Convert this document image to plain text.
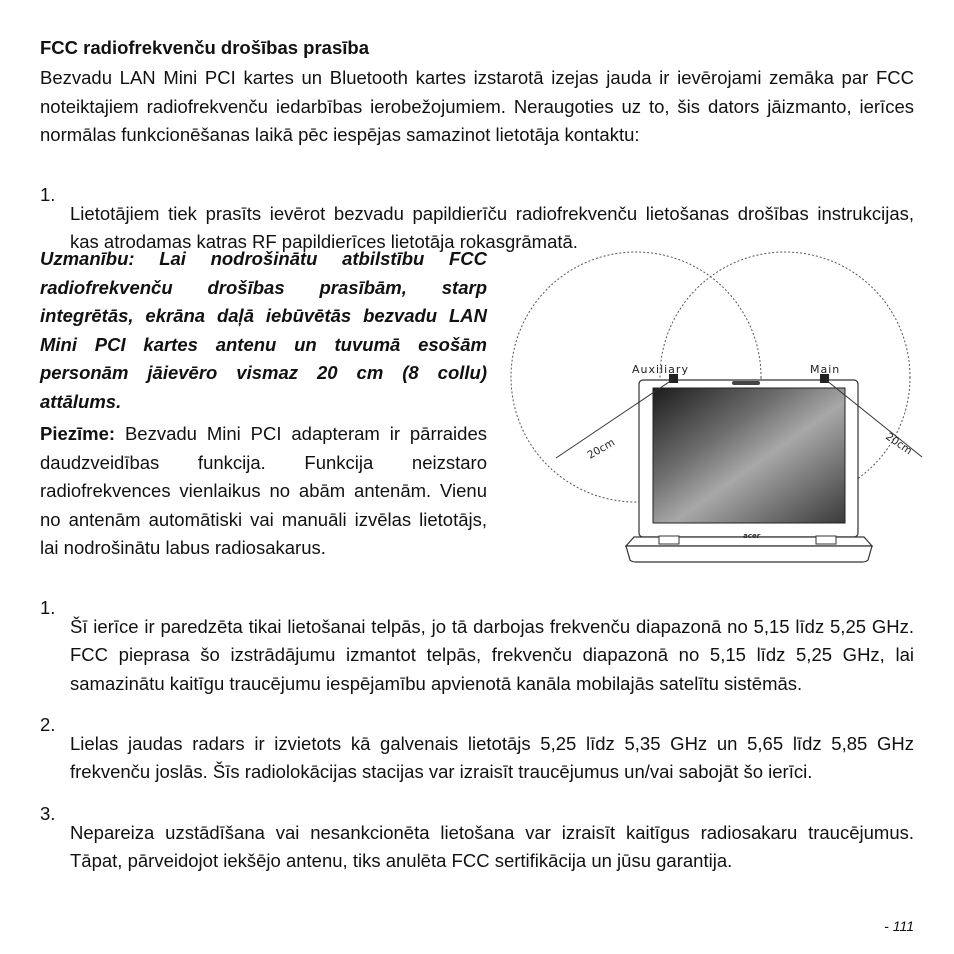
FCC radiofrekvenču drošības prasība

Bezvadu LAN Mini PCI kartes un Bluetooth kartes izstarotā izejas jauda ir ievērojami zemāka par FCC noteiktajiem radiofrekvenču iedarbības ierobežojumiem. Neraugoties uz to, šis dators jāizmanto, ierīces normālas funkcionēšanas laikā pēc iespējas samazinot lietotāja kontaktu:

1.

Lietotājiem tiek prasīts ievērot bezvadu papildierīču radiofrekvenču lietošanas drošības instrukcijas, kas atrodamas katras RF papildierīces lietotāja rokasgrāmatā.

Uzmanību: Lai nodrošinātu atbilstību FCC radiofrekvenču drošības prasībām, starp integrētās, ekrāna daļā iebūvētās bezvadu LAN Mini PCI kartes antenu un tuvumā esošām personām jāievēro vismaz 20 cm (8 collu) attālums.

Piezīme: Bezvadu Mini PCI adapteram ir pārraides daudzveidības funkcija. Funkcija neizstaro radiofrekvences vienlaikus no abām antenām. Vienu no antenām automātiski vai manuāli izvēlas lietotājs, lai nodrošinātu labus radiosakarus.

Auxiliary	Main
20cm	20cm
acer
1.

Šī ierīce ir paredzēta tikai lietošanai telpās, jo tā darbojas frekvenču diapazonā no 5,15 līdz 5,25 GHz. FCC pieprasa šo izstrādājumu izmantot telpās, frekvenču diapazonā no 5,15 līdz 5,25 GHz, lai samazinātu kaitīgu traucējumu iespējamību apvienotā kanāla mobilajās satelītu sistēmās.

2.

Lielas jaudas radars ir izvietots kā galvenais lietotājs 5,25 līdz 5,35 GHz un 5,65 līdz 5,85 GHz frekvenču joslās. Šīs radiolokācijas stacijas var izraisīt traucējumus un/vai sabojāt šo ierīci.

3.

Nepareiza uzstādīšana vai nesankcionēta lietošana var izraisīt kaitīgus radiosakaru traucējumus. Tāpat, pārveidojot iekšējo antenu, tiks anulēta FCC sertifikācija un jūsu garantija.

- 111
